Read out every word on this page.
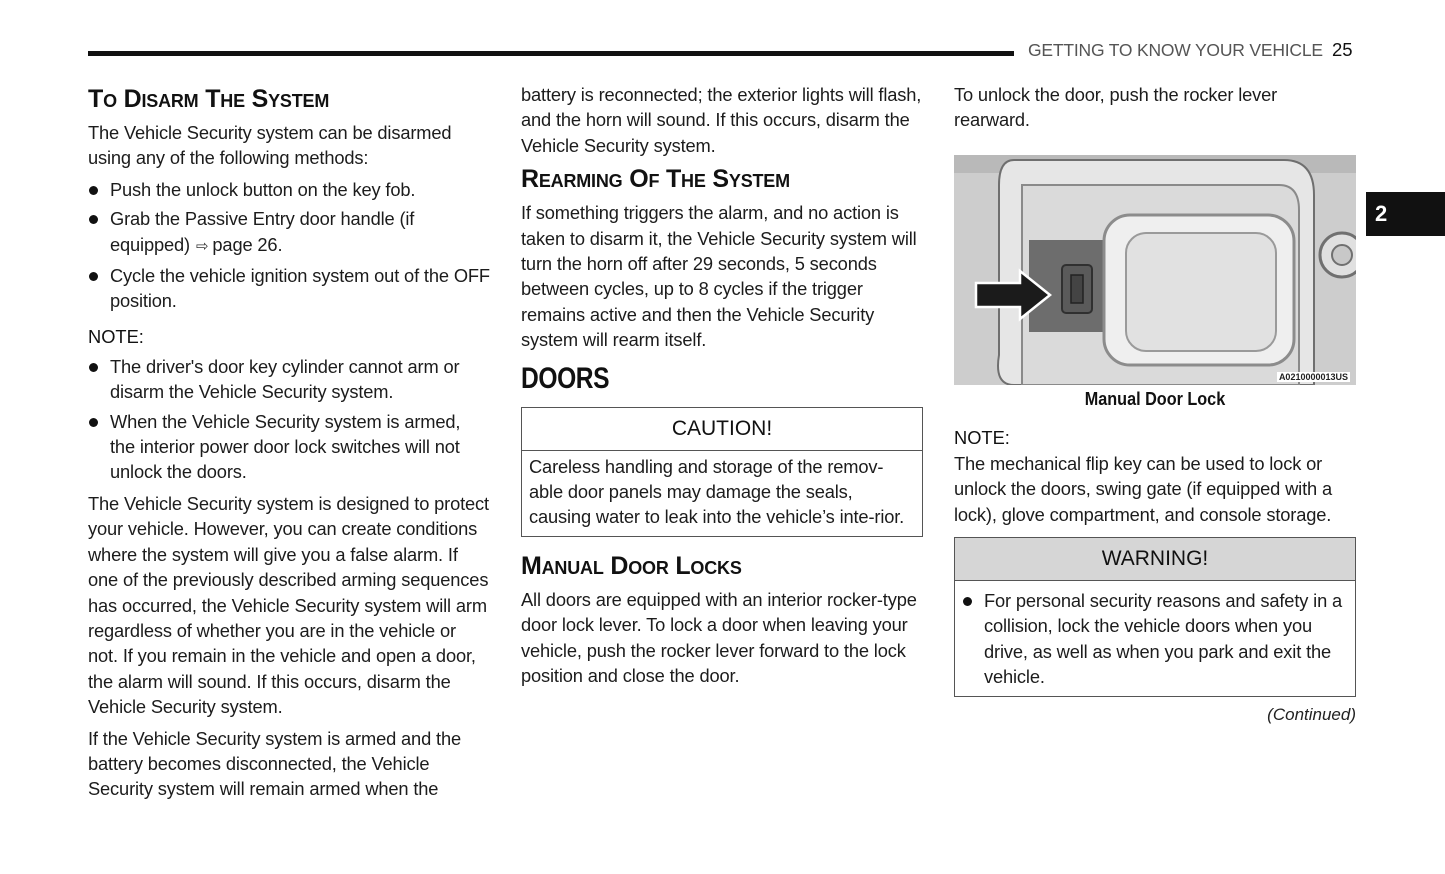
GETTING TO KNOW YOUR VEHICLE 25
2
To Disarm The System

The Vehicle Security system can be disarmed using any of the following methods:

Push the unlock button on the key fob.
Grab the Passive Entry door handle (if equipped) ⇨ page 26.
Cycle the vehicle ignition system out of the OFF position.
NOTE:
The driver's door key cylinder cannot arm or disarm the Vehicle Security system.
When the Vehicle Security system is armed, the interior power door lock switches will not unlock the doors.

The Vehicle Security system is designed to protect your vehicle. However, you can create conditions where the system will give you a false alarm. If one of the previously described arming sequences has occurred, the Vehicle Security system will arm regardless of whether you are in the vehicle or not. If you remain in the vehicle and open a door, the alarm will sound. If this occurs, disarm the Vehicle Security system.

If the Vehicle Security system is armed and the battery becomes disconnected, the Vehicle Security system will remain armed when the

battery is reconnected; the exterior lights will flash, and the horn will sound. If this occurs, disarm the Vehicle Security system.

Rearming Of The System

If something triggers the alarm, and no action is taken to disarm it, the Vehicle Security system will turn the horn off after 29 seconds, 5 seconds between cycles, up to 8 cycles if the trigger remains active and then the Vehicle Security system will rearm itself.

DOORS
CAUTION!

Careless handling and storage of the remov-able door panels may damage the seals, causing water to leak into the vehicle’s inte-rior.

Manual Door Locks

All doors are equipped with an interior rocker-type door lock lever. To lock a door when leaving your vehicle, push the rocker lever forward to the lock position and close the door.

To unlock the door, push the rocker lever rearward.

A0210000013US
Manual Door Lock
NOTE:

The mechanical flip key can be used to lock or unlock the doors, swing gate (if equipped with a lock), glove compartment, and console storage.

WARNING!
For personal security reasons and safety in a collision, lock the vehicle doors when you drive, as well as when you park and exit the vehicle.
(Continued)
